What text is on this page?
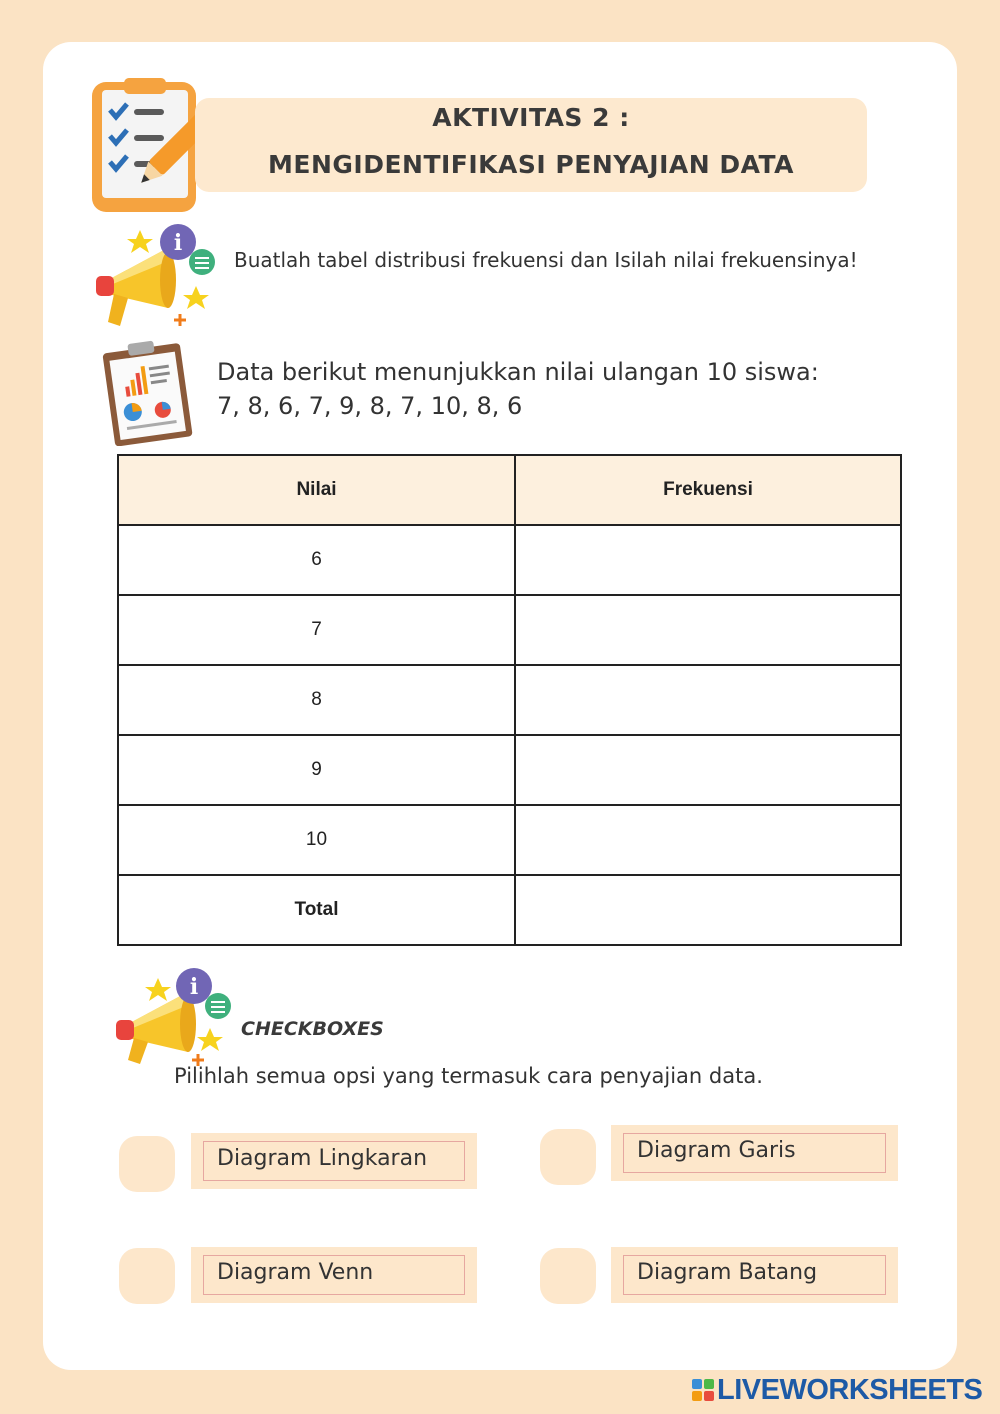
AKTIVITAS 2 :
MENGIDENTIFIKASI PENYAJIAN DATA
i
Buatlah tabel distribusi frekuensi dan Isilah nilai frekuensinya!
Data berikut menunjukkan nilai ulangan 10 siswa:
7, 8, 6, 7, 9, 8, 7, 10, 8, 6
Nilai	Frekuensi
6	
7	
8	
9	
10	
Total	
i
CHECKBOXES
Pilihlah semua opsi yang termasuk cara penyajian data.
Diagram Lingkaran	Diagram Garis
Diagram Venn	Diagram Batang
LIVEWORKSHEETS
